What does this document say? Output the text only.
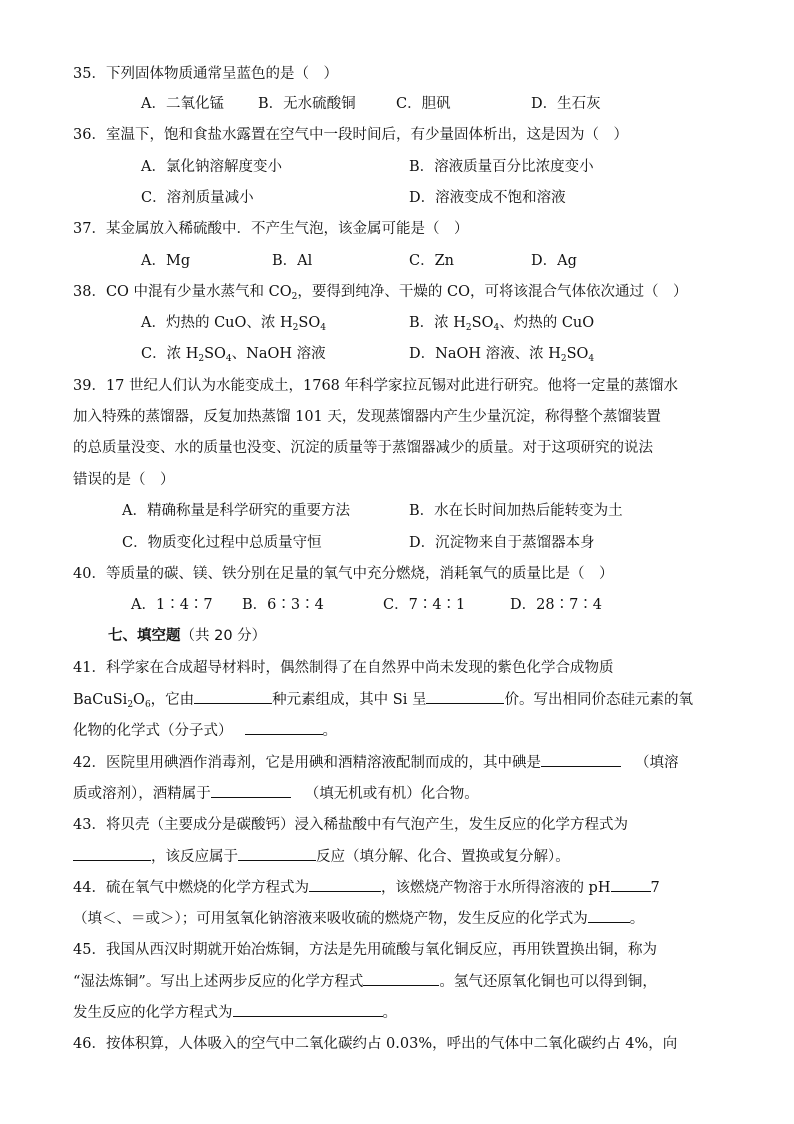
35．下列固体物质通常呈蓝色的是（　）
A．二氧化锰 B．无水硫酸铜	C．胆矾	D．生石灰
36．室温下，饱和食盐水露置在空气中一段时间后，有少量固体析出，这是因为（　）
A．氯化钠溶解度变小	B．溶液质量百分比浓度变小
C．溶剂质量减小	D．溶液变成不饱和溶液
37．某金属放入稀硫酸中．不产生气泡，该金属可能是（　）
A．Mg	B．Al	C．Zn	D．Ag
38．CO 中混有少量水蒸气和 $CO_2$，要得到纯净、干燥的 CO，可将该混合气体依次通过（　）
A．灼热的 CuO、浓 $H_2SO_4$	B．浓 $H_2SO_4$、灼热的 CuO
C．浓 $H_2SO_4$、NaOH 溶液	D．NaOH 溶液、浓 $H_2SO_4$
39．17 世纪人们认为水能变成土，1768 年科学家拉瓦锡对此进行研究。他将一定量的蒸馏水
加入特殊的蒸馏器，反复加热蒸馏 101 天，发现蒸馏器内产生少量沉淀，称得整个蒸馏装置
的总质量没变、水的质量也没变、沉淀的质量等于蒸馏器减少的质量。对于这项研究的说法
错误的是（　）
A．精确称量是科学研究的重要方法	B．水在长时间加热后能转变为土
C．物质变化过程中总质量守恒	D．沉淀物来自于蒸馏器本身
40．等质量的碳、镁、铁分别在足量的氧气中充分燃烧，消耗氧气的质量比是（　）
A．1∶4∶7 B．6∶3∶4	C．7∶4∶1	D．28∶7∶4
七、填空题（共 20 分）
41．科学家在合成超导材料时，偶然制得了在自然界中尚未发现的紫色化学合成物质
$BaCuSi_2O_6$，它由	种元素组成，其中 Si 呈	价。写出相同价态硅元素的氧
化物的化学式（分子式）	。
42．医院里用碘酒作消毒剂，它是用碘和酒精溶液配制而成的，其中碘是	（填溶
质或溶剂），酒精属于	（填无机或有机）化合物。
43．将贝壳（主要成分是碳酸钙）浸入稀盐酸中有气泡产生，发生反应的化学方程式为
，该反应属于	反应（填分解、化合、置换或复分解）。
44．硫在氧气中燃烧的化学方程式为	，该燃烧产物溶于水所得溶液的 pH	7
（填＜、＝或＞）；可用氢氧化钠溶液来吸收硫的燃烧产物，发生反应的化学式为	。
45．我国从西汉时期就开始冶炼铜，方法是先用硫酸与氧化铜反应，再用铁置换出铜，称为
“湿法炼铜”。写出上述两步反应的化学方程式	。氢气还原氧化铜也可以得到铜，
发生反应的化学方程式为	。
46．按体积算，人体吸入的空气中二氧化碳约占 0.03%，呼出的气体中二氧化碳约占 4%，向
